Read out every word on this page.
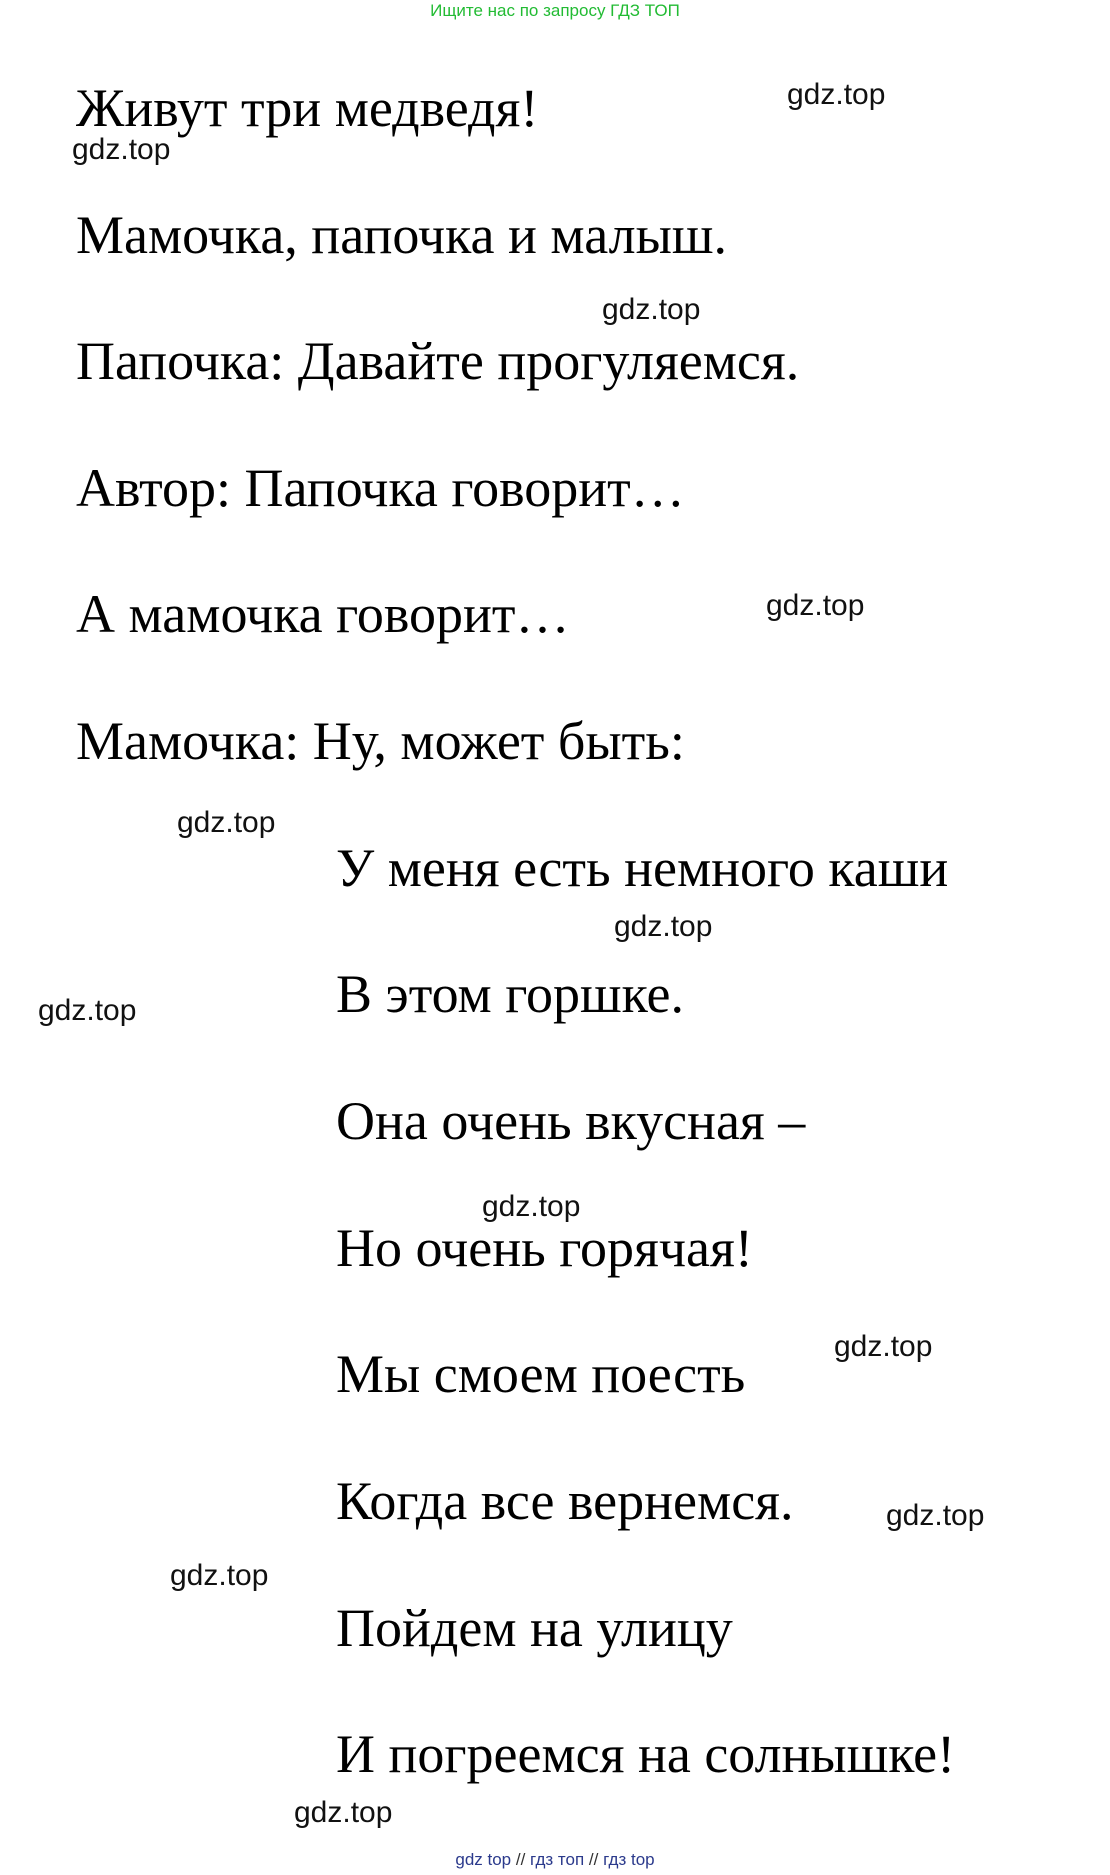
Ищите нас по запросу ГДЗ ТОП
Живут три медведя!
Мамочка, папочка и малыш.
Папочка: Давайте прогуляемся.
Автор: Папочка говорит…
А мамочка говорит…
Мамочка: Ну, может быть:
У меня есть немного каши
В этом горшке.
Она очень вкусная –
Но очень горячая!
Мы смоем поесть
Когда все вернемся.
Пойдем на улицу
И погреемся на солнышке!
gdz.top
gdz.top
gdz.top
gdz.top
gdz.top
gdz.top
gdz.top
gdz.top
gdz.top
gdz.top
gdz.top
gdz.top
gdz top // гдз топ // гдз top
